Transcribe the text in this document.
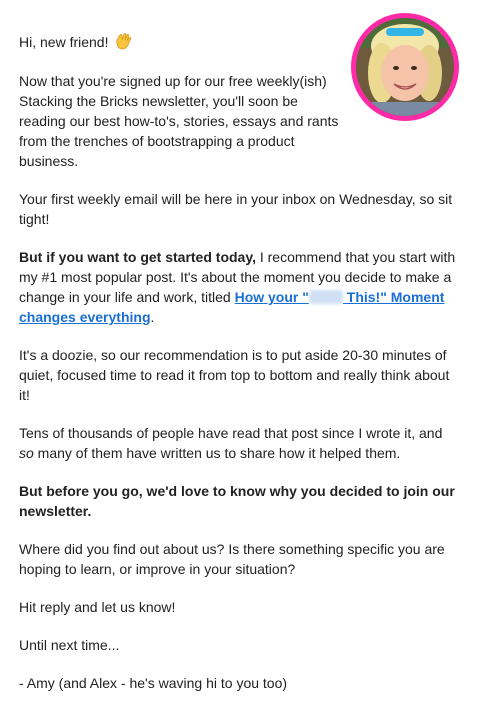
Hi, new friend!

Now that you're signed up for our free weekly(ish) Stacking the Bricks newsletter, you'll soon be reading our best how-to's, stories, essays and rants from the trenches of bootstrapping a product business.

Your first weekly email will be here in your inbox on Wednesday, so sit tight!

But if you want to get started today, I recommend that you start with my #1 most popular post. It's about the moment you decide to make a change in your life and work, titled How your " This!" Moment changes everything.

It's a doozie, so our recommendation is to put aside 20-30 minutes of quiet, focused time to read it from top to bottom and really think about it!

Tens of thousands of people have read that post since I wrote it, and so many of them have written us to share how it helped them.

But before you go, we'd love to know why you decided to join our newsletter.

Where did you find out about us? Is there something specific you are hoping to learn, or improve in your situation?

Hit reply and let us know!

Until next time...

- Amy (and Alex - he's waving hi to you too)
